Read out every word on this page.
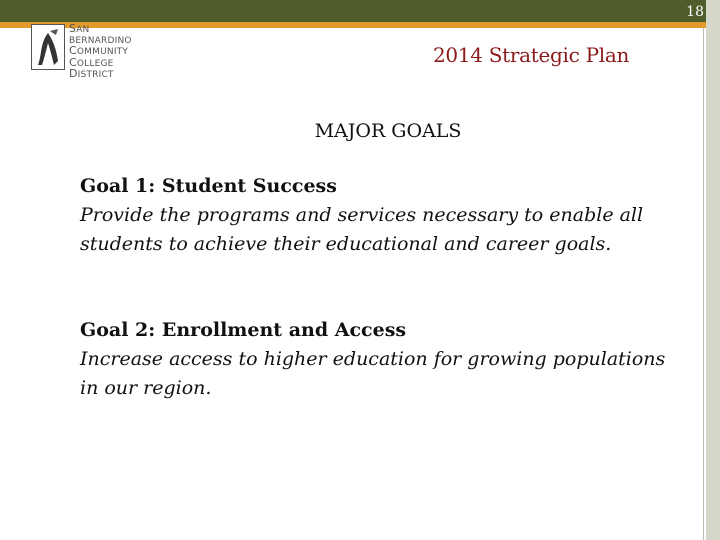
18
SAN BERNARDINO
COMMUNITY
COLLEGE
DISTRICT
2014 Strategic Plan
MAJOR GOALS
Goal 1: Student Success
Provide the programs and services necessary to enable all students to achieve their educational and career goals.
Goal 2: Enrollment and Access
Increase access to higher education for growing populations in our region.
